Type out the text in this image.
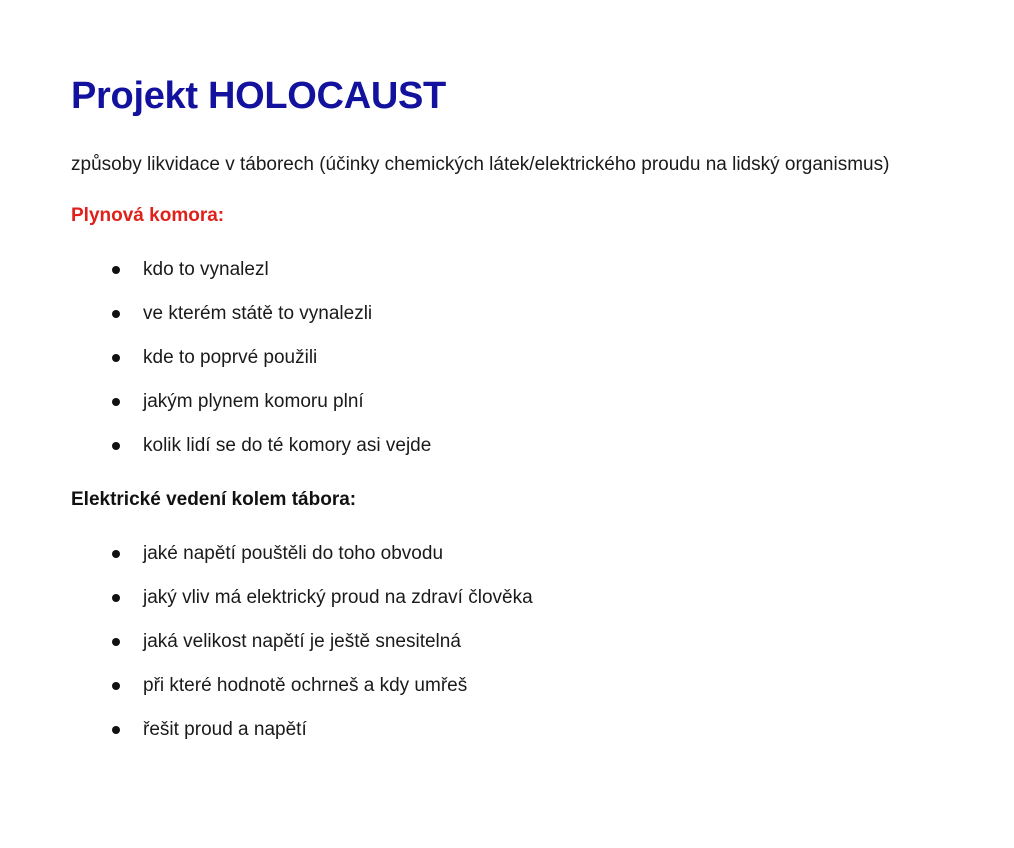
Projekt HOLOCAUST

způsoby likvidace v táborech (účinky chemických látek/elektrického proudu na lidský organismus)

Plynová komora:
kdo to vynalezl
ve kterém státě to vynalezli
kde to poprvé použili
jakým plynem komoru plní
kolik lidí se do té komory asi vejde
Elektrické vedení kolem tábora:
jaké napětí pouštěli do toho obvodu
jaký vliv má elektrický proud na zdraví člověka
jaká velikost napětí je ještě snesitelná
při které hodnotě ochrneš a kdy umřeš
řešit proud a napětí
